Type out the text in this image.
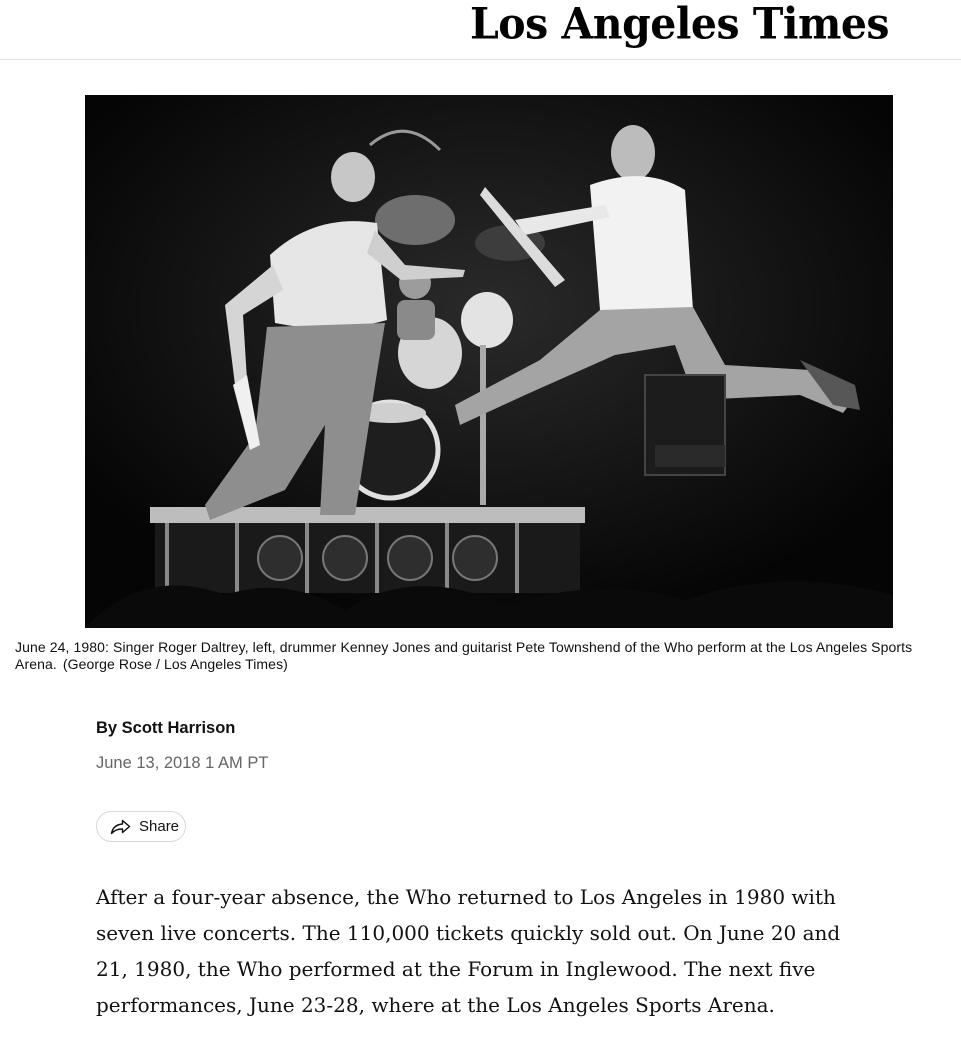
Los Angeles Times
June 24, 1980: Singer Roger Daltrey, left, drummer Kenney Jones and guitarist Pete Townshend of the Who perform at the Los Angeles Sports Arena. (George Rose / Los Angeles Times)
By Scott Harrison
June 13, 2018 1 AM PT
Share

After a four-year absence, the Who returned to Los Angeles in 1980 with seven live concerts. The 110,000 tickets quickly sold out. On June 20 and 21, 1980, the Who performed at the Forum in Inglewood. The next five performances, June 23-28, where at the Los Angeles Sports Arena.
